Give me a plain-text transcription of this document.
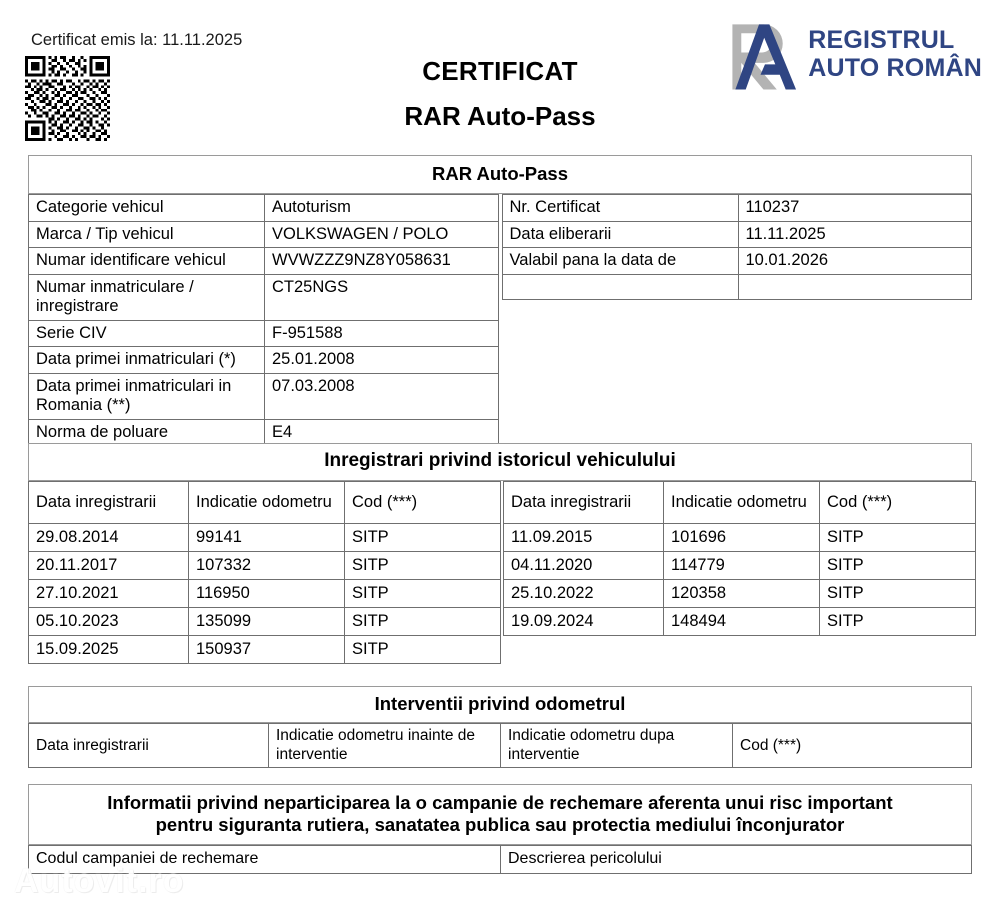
Certificat emis la: 11.11.2025
CERTIFICAT
RAR Auto-Pass
REGISTRUL
AUTO ROMÂN
RAR Auto-Pass
Categorie vehicul	Autoturism
Marca / Tip vehicul	VOLKSWAGEN / POLO
Numar identificare vehicul	WVWZZZ9NZ8Y058631
Numar inmatriculare / inregistrare	CT25NGS
Serie CIV	F-951588
Data primei inmatriculari (*)	25.01.2008
Data primei inmatriculari in Romania (**)	07.03.2008
Norma de poluare	E4
Nr. Certificat	110237
Data eliberarii	11.11.2025
Valabil pana la data de	10.01.2026

Inregistrari privind istoricul vehiculului
Data inregistrarii	Indicatie odometru	Cod (***)
29.08.2014	99141	SITP
20.11.2017	107332	SITP
27.10.2021	116950	SITP
05.10.2023	135099	SITP
15.09.2025	150937	SITP
Data inregistrarii	Indicatie odometru	Cod (***)
11.09.2015	101696	SITP
04.11.2020	114779	SITP
25.10.2022	120358	SITP
19.09.2024	148494	SITP

Interventii privind odometrul
Data inregistrarii	Indicatie odometru inainte de interventie	Indicatie odometru dupa interventie	Cod (***)
Informatii privind neparticiparea la o campanie de rechemare aferenta unui risc important
pentru siguranta rutiera, sanatatea publica sau protectia mediului înconjurator
Codul campaniei de rechemare	Descrierea pericolului
Autovit.ro
